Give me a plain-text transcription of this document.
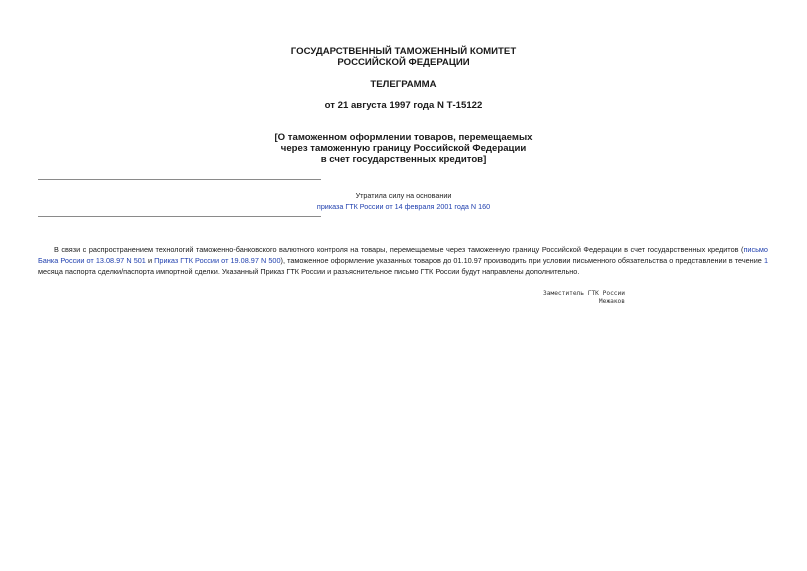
ГОСУДАРСТВЕННЫЙ ТАМОЖЕННЫЙ КОМИТЕТ
РОССИЙСКОЙ ФЕДЕРАЦИИ
ТЕЛЕГРАММА
от 21 августа 1997 года N Т-15122
[О таможенном оформлении товаров, перемещаемых
через таможенную границу Российской Федерации
в счет государственных кредитов]
Утратила силу на основании
приказа ГТК России от 14 февраля 2001 года N 160

В связи с распространением технологий таможенно-банковского валютного контроля на товары, перемещаемые через таможенную границу Российской Федерации в счет государственных кредитов (письмо Банка России от 13.08.97 N 501 и Приказ ГТК России от 19.08.97 N 500), таможенное оформление указанных товаров до 01.10.97 производить при условии письменного обязательства о представлении в течение 1 месяца паспорта сделки/паспорта импортной сделки. Указанный Приказ ГТК России и разъяснительное письмо ГТК России будут направлены дополнительно.

Заместитель ГТК России
Межаков
